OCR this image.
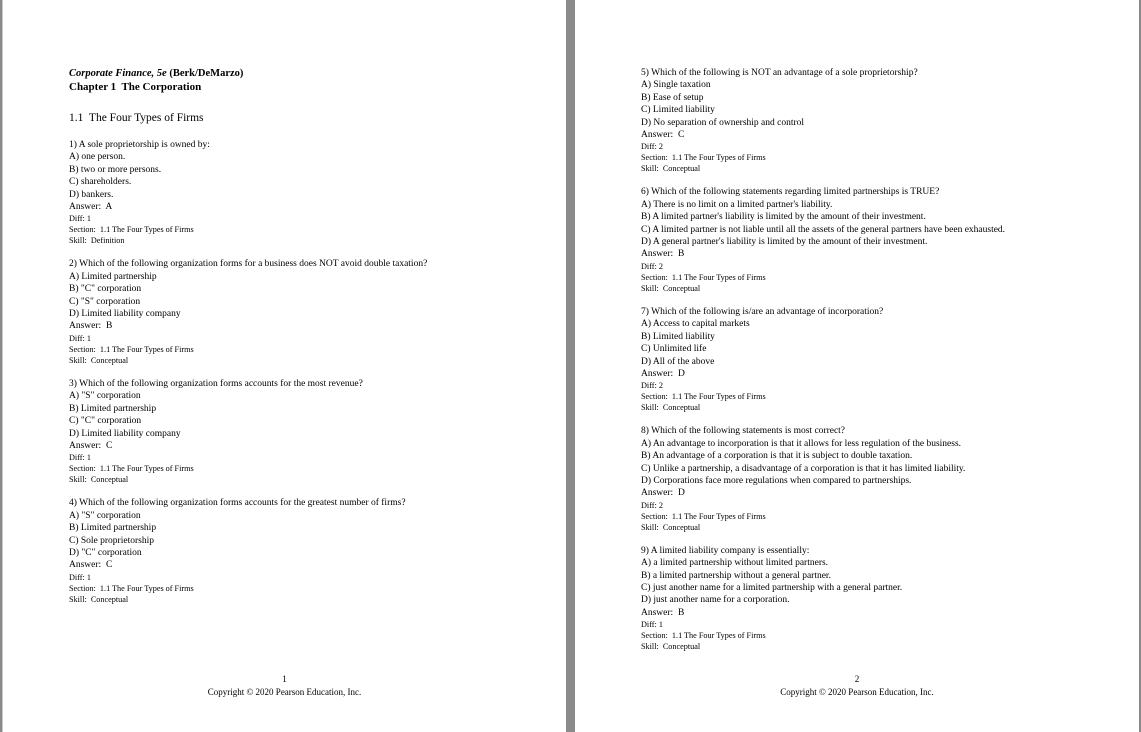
Corporate Finance, 5e (Berk/DeMarzo)
Chapter 1  The Corporation
1.1  The Four Types of Firms
1) A sole proprietorship is owned by:
A) one person.
B) two or more persons.
C) shareholders.
D) bankers.
Answer:  A
Diff: 1
Section:  1.1 The Four Types of Firms
Skill:  Definition
2) Which of the following organization forms for a business does NOT avoid double taxation?
A) Limited partnership
B) "C" corporation
C) "S" corporation
D) Limited liability company
Answer:  B
Diff: 1
Section:  1.1 The Four Types of Firms
Skill:  Conceptual
3) Which of the following organization forms accounts for the most revenue?
A) "S" corporation
B) Limited partnership
C) "C" corporation
D) Limited liability company
Answer:  C
Diff: 1
Section:  1.1 The Four Types of Firms
Skill:  Conceptual
4) Which of the following organization forms accounts for the greatest number of firms?
A) "S" corporation
B) Limited partnership
C) Sole proprietorship
D) "C" corporation
Answer:  C
Diff: 1
Section:  1.1 The Four Types of Firms
Skill:  Conceptual
1
Copyright © 2020 Pearson Education, Inc.
5) Which of the following is NOT an advantage of a sole proprietorship?
A) Single taxation
B) Ease of setup
C) Limited liability
D) No separation of ownership and control
Answer:  C
Diff: 2
Section:  1.1 The Four Types of Firms
Skill:  Conceptual
6) Which of the following statements regarding limited partnerships is TRUE?
A) There is no limit on a limited partner's liability.
B) A limited partner's liability is limited by the amount of their investment.
C) A limited partner is not liable until all the assets of the general partners have been exhausted.
D) A general partner's liability is limited by the amount of their investment.
Answer:  B
Diff: 2
Section:  1.1 The Four Types of Firms
Skill:  Conceptual
7) Which of the following is/are an advantage of incorporation?
A) Access to capital markets
B) Limited liability
C) Unlimited life
D) All of the above
Answer:  D
Diff: 2
Section:  1.1 The Four Types of Firms
Skill:  Conceptual
8) Which of the following statements is most correct?
A) An advantage to incorporation is that it allows for less regulation of the business.
B) An advantage of a corporation is that it is subject to double taxation.
C) Unlike a partnership, a disadvantage of a corporation is that it has limited liability.
D) Corporations face more regulations when compared to partnerships.
Answer:  D
Diff: 2
Section:  1.1 The Four Types of Firms
Skill:  Conceptual
9) A limited liability company is essentially:
A) a limited partnership without limited partners.
B) a limited partnership without a general partner.
C) just another name for a limited partnership with a general partner.
D) just another name for a corporation.
Answer:  B
Diff: 1
Section:  1.1 The Four Types of Firms
Skill:  Conceptual
2
Copyright © 2020 Pearson Education, Inc.
